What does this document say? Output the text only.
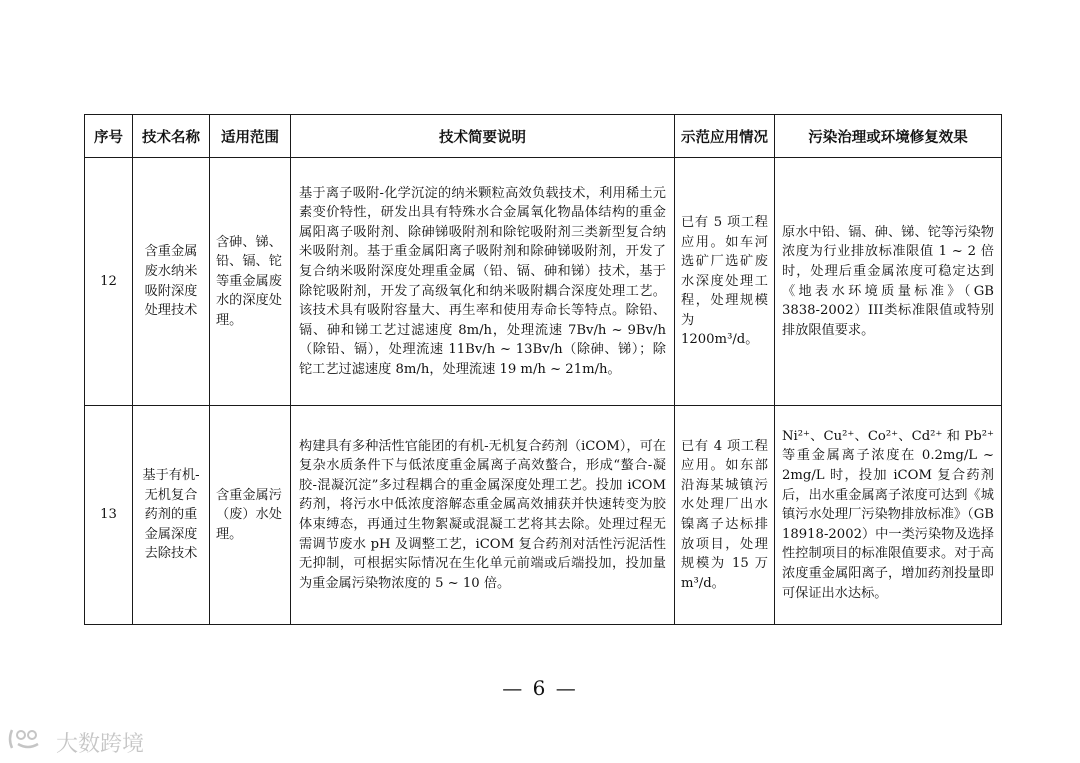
序号	技术名称	适用范围	技术简要说明	示范应用情况	污染治理或环境修复效果
12	含重金属废水纳米吸附深度处理技术	含砷、锑、铅、镉、铊等重金属废水的深度处理。	基于离子吸附-化学沉淀的纳米颗粒高效负载技术，利用稀土元素变价特性，研发出具有特殊水合金属氧化物晶体结构的重金属阳离子吸附剂、除砷锑吸附剂和除铊吸附剂三类新型复合纳米吸附剂。基于重金属阳离子吸附剂和除砷锑吸附剂，开发了复合纳米吸附深度处理重金属（铅、镉、砷和锑）技术，基于除铊吸附剂，开发了高级氧化和纳米吸附耦合深度处理工艺。该技术具有吸附容量大、再生率和使用寿命长等特点。除铅、镉、砷和锑工艺过滤速度 8m/h，处理流速 7Bv/h ~ 9Bv/h（除铅、镉），处理流速 11Bv/h ~ 13Bv/h（除砷、锑）；除铊工艺过滤速度 8m/h，处理流速 19 m/h ~ 21m/h。	已有 5 项工程应用。如车河选矿厂选矿废水深度处理工程，处理规模为 1200m³/d。	原水中铅、镉、砷、锑、铊等污染物浓度为行业排放标准限值 1 ~ 2 倍时，处理后重金属浓度可稳定达到《地表水环境质量标准》（GB 3838-2002）III类标准限值或特别排放限值要求。
13	基于有机-无机复合药剂的重金属深度去除技术	含重金属污（废）水处理。	构建具有多种活性官能团的有机-无机复合药剂（iCOM），可在复杂水质条件下与低浓度重金属离子高效螯合，形成“螯合-凝胶-混凝沉淀”多过程耦合的重金属深度处理工艺。投加 iCOM 药剂，将污水中低浓度溶解态重金属高效捕获并快速转变为胶体束缚态，再通过生物絮凝或混凝工艺将其去除。处理过程无需调节废水 pH 及调整工艺，iCOM 复合药剂对活性污泥活性无抑制，可根据实际情况在生化单元前端或后端投加，投加量为重金属污染物浓度的 5 ~ 10 倍。	已有 4 项工程应用。如东部沿海某城镇污水处理厂出水镍离子达标排放项目，处理规模为 15 万 m³/d。	Ni²⁺、Cu²⁺、Co²⁺、Cd²⁺ 和 Pb²⁺ 等重金属离子浓度在 0.2mg/L ~ 2mg/L 时，投加 iCOM 复合药剂后，出水重金属离子浓度可达到《城镇污水处理厂污染物排放标准》（GB 18918-2002）中一类污染物及选择性控制项目的标准限值要求。对于高浓度重金属阳离子，增加药剂投量即可保证出水达标。
— 6 —
大数跨境
